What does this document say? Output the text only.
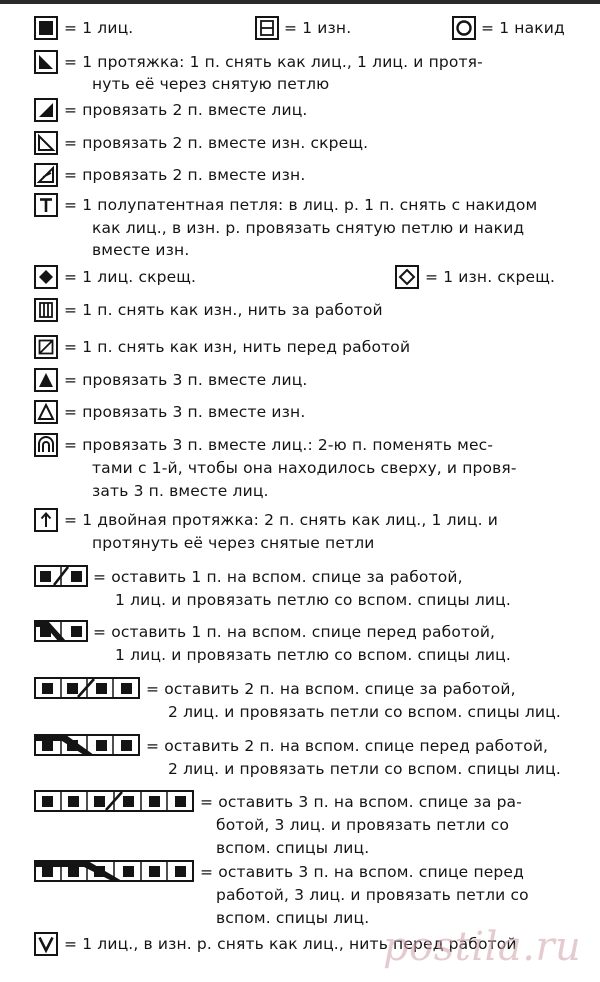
= 1 лиц.	= 1 изн.	= 1 накид
= 1 протяжка: 1 п. снять как лиц., 1 лиц. и протя-
нуть её через снятую петлю
= провязать 2 п. вместе лиц.
= провязать 2 п. вместе изн. скрещ.
= провязать 2 п. вместе изн.
= 1 полупатентная петля: в лиц. р. 1 п. снять с накидом
как лиц., в изн. р. провязать снятую петлю и накид
вместе изн.
= 1 лиц. скрещ.	= 1 изн. скрещ.
= 1 п. снять как изн., нить за работой
= 1 п. снять как изн, нить перед работой
= провязать 3 п. вместе лиц.
= провязать 3 п. вместе изн.
= провязать 3 п. вместе лиц.: 2-ю п. поменять мес-
тами с 1-й, чтобы она находилось сверху, и провя-
зать 3 п. вместе лиц.
= 1 двойная протяжка: 2 п. снять как лиц., 1 лиц. и
протянуть её через снятые петли
= оставить 1 п. на вспом. спице за работой,
1 лиц. и провязать петлю со вспом. спицы лиц.
= оставить 1 п. на вспом. спице перед работой,
1 лиц. и провязать петлю со вспом. спицы лиц.
= оставить 2 п. на вспом. спице за работой,
2 лиц. и провязать петли со вспом. спицы лиц.
= оставить 2 п. на вспом. спице перед работой,
2 лиц. и провязать петли со вспом. спицы лиц.
= оставить 3 п. на вспом. спице за ра-
ботой, 3 лиц. и провязать петли со
вспом. спицы лиц.
= оставить 3 п. на вспом. спице перед
работой, 3 лиц. и провязать петли со
вспом. спицы лиц.
= 1 лиц., в изн. р. снять как лиц., нить перед работой
postila.ru
